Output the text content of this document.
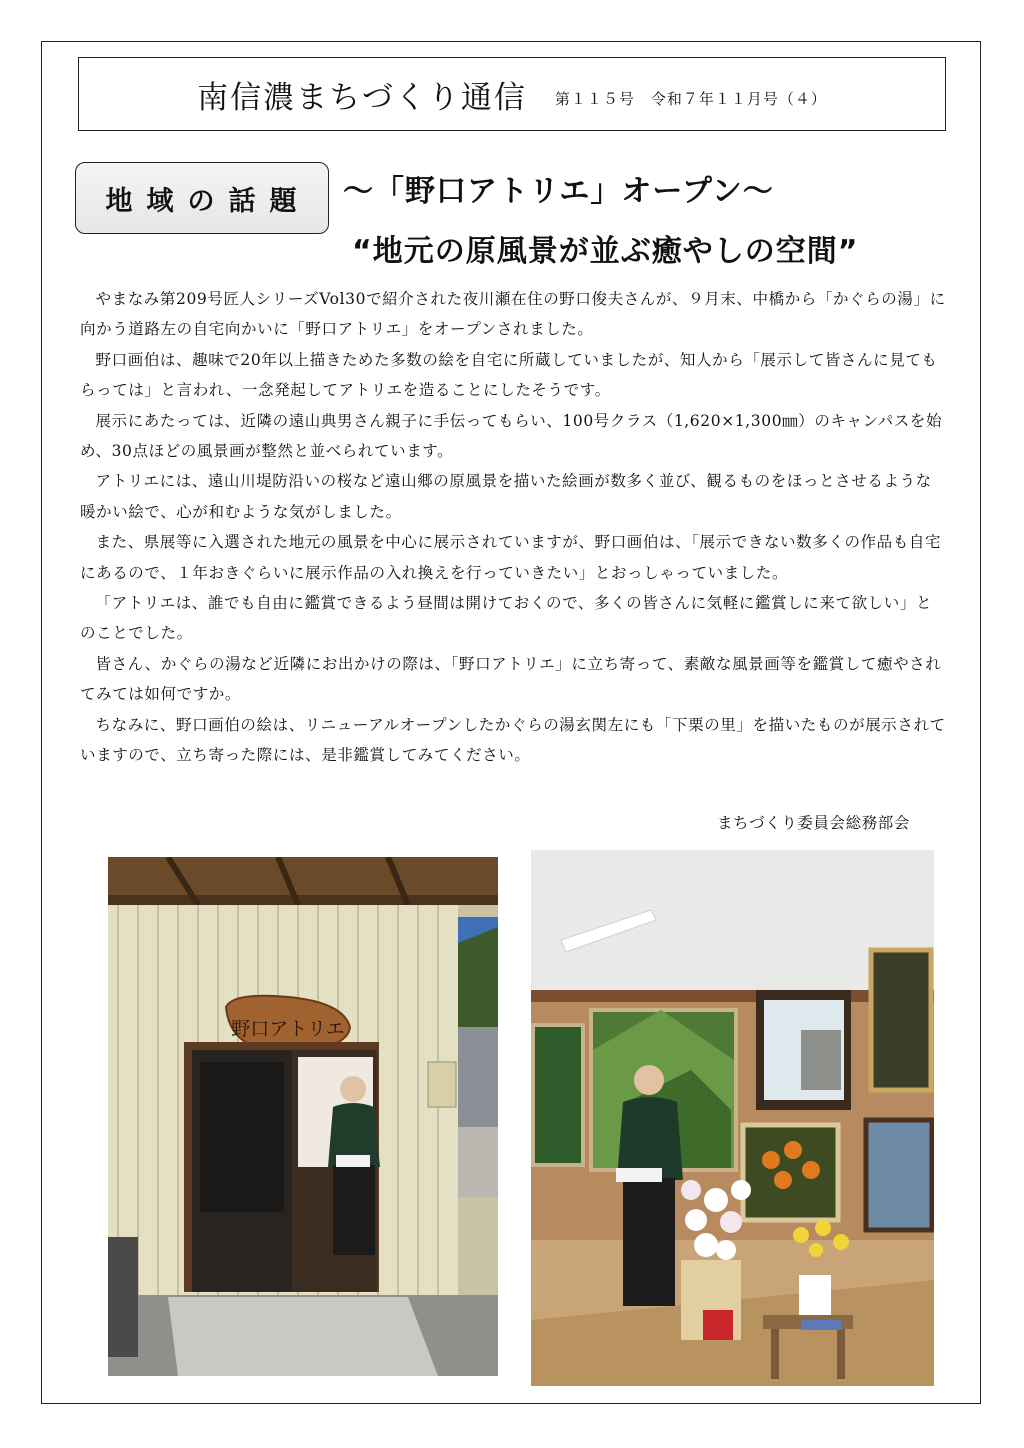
南信濃まちづくり通信 第１１５号　令和７年１１月号（４）
地域の話題	～「野口アトリエ」オープン～
“地元の原風景が並ぶ癒やしの空間”

やまなみ第209号匠人シリーズVol30で紹介された夜川瀬在住の野口俊夫さんが、９月末、中橋から「かぐらの湯」に向かう道路左の自宅向かいに「野口アトリエ」をオープンされました。

野口画伯は、趣味で20年以上描きためた多数の絵を自宅に所蔵していましたが、知人から「展示して皆さんに見てもらっては」と言われ、一念発起してアトリエを造ることにしたそうです。

展示にあたっては、近隣の遠山典男さん親子に手伝ってもらい、100号クラス（1,620×1,300㎜）のキャンパスを始め、30点ほどの風景画が整然と並べられています。

アトリエには、遠山川堤防沿いの桜など遠山郷の原風景を描いた絵画が数多く並び、観るものをほっとさせるような暖かい絵で、心が和むような気がしました。

また、県展等に入選された地元の風景を中心に展示されていますが、野口画伯は、「展示できない数多くの作品も自宅にあるので、１年おきぐらいに展示作品の入れ換えを行っていきたい」とおっしゃっていました。

「アトリエは、誰でも自由に鑑賞できるよう昼間は開けておくので、多くの皆さんに気軽に鑑賞しに来て欲しい」とのことでした。

皆さん、かぐらの湯など近隣にお出かけの際は、「野口アトリエ」に立ち寄って、素敵な風景画等を鑑賞して癒やされてみては如何ですか。

ちなみに、野口画伯の絵は、リニューアルオープンしたかぐらの湯玄関左にも「下栗の里」を描いたものが展示されていますので、立ち寄った際には、是非鑑賞してみてください。

まちづくり委員会総務部会
野口アトリエ
